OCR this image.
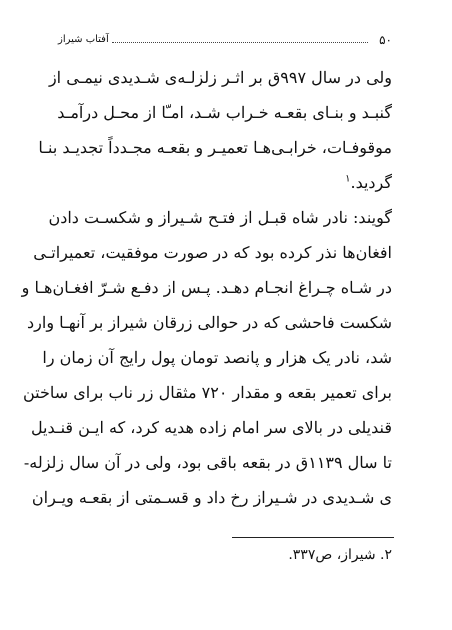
۵۰
آفتاب شیراز
ولی در سال ۹۹۷ق بر اثـر زلزلـه‌ی شـدیدی نیمـی از
گنبـد و بنـای بقعـه خـراب شـد، امـّا از محـل درآمـد
موقوفـات، خرابـی‌هـا تعمیـر و بقعـه مجـدداً تجدیـد بنـا
گردید.$^۱$
گویند: نادر شاه قبـل از فتـح شـیراز و شکسـت دادن
افغان‌ها نذر کرده بود که در صورت موفقیت، تعمیراتـی
در شـاه چـراغ انجـام دهـد. پـس از دفـع شـرّ افغـان‌هـا و
شکست فاحشی که در حوالی زرقان شیراز بر آنهـا وارد
شد، نادر یک هزار و پانصد تومان پول رایج آن زمان را
برای تعمیر بقعه و مقدار ۷۲۰ مثقال زر ناب برای ساختن
قندیلی در بالای سر امام زاده هدیه کرد، که ایـن قنـدیل
تا سال ۱۱۳۹ق در بقعه باقی بود، ولی در آن سال زلزله-
ی شـدیدی در شـیراز رخ داد و قسـمتی از بقعـه ویـران
۲. شیراز، ص۳۳۷.
